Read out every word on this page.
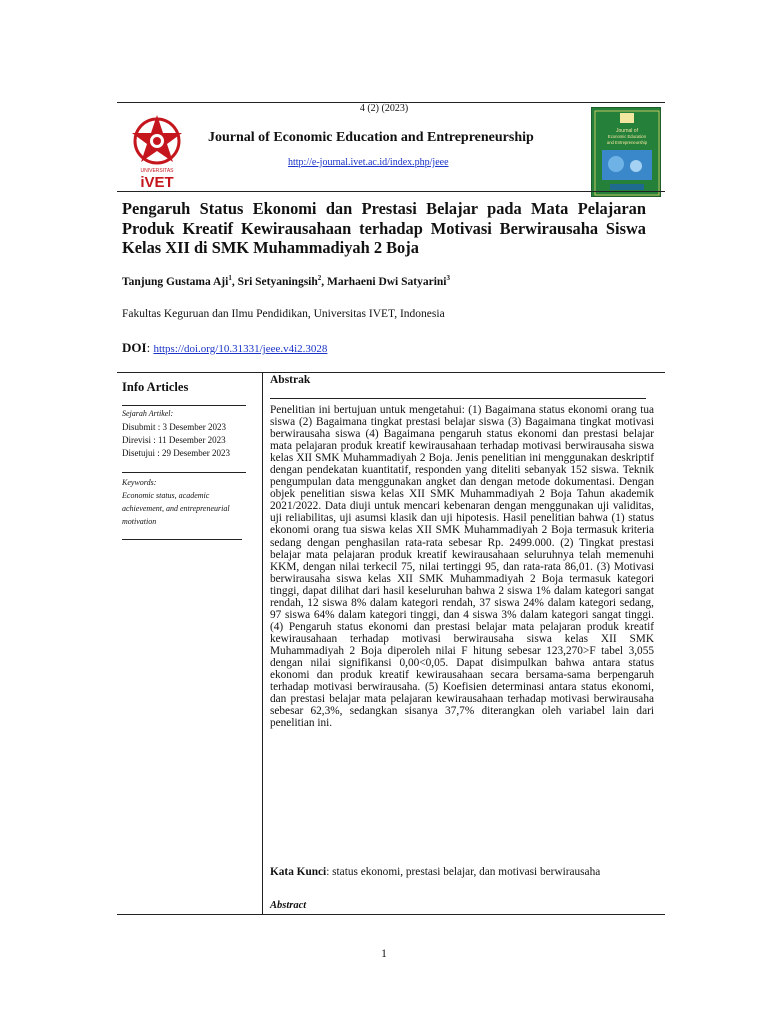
4 (2) (2023)
UNIVERSITAS
iVET
Journal of Economic Education and Entrepreneurship
http://e-journal.ivet.ac.id/index.php/jeee
Journal of
Economic Education
and Entrepreneurship
Pengaruh Status Ekonomi dan Prestasi Belajar pada Mata Pelajaran Produk Kreatif Kewirausahaan terhadap Motivasi Berwirausaha Siswa Kelas XII di SMK Muhammadiyah 2 Boja
Tanjung Gustama Aji$^1$, Sri Setyaningsih$^2$, Marhaeni Dwi Satyarini$^3$
Fakultas Keguruan dan Ilmu Pendidikan, Universitas IVET, Indonesia
DOI: https://doi.org/10.31331/jeee.v4i2.3028
Info Articles
Sejarah Artikel:
Disubmit : 3 Desember 2023
Direvisi : 11 Desember 2023
Disetujui : 29 Desember 2023
Keywords:
Economic status, academic
achievement, and entrepreneurial
motivation
Abstrak
Penelitian ini bertujuan untuk mengetahui: (1) Bagaimana status ekonomi orang tua siswa (2) Bagaimana tingkat prestasi belajar siswa (3) Bagaimana tingkat motivasi berwirausaha siswa (4) Bagaimana pengaruh status ekonomi dan prestasi belajar mata pelajaran produk kreatif kewirausahaan terhadap motivasi berwirausaha siswa kelas XII SMK Muhammadiyah 2 Boja. Jenis penelitian ini menggunakan deskriptif dengan pendekatan kuantitatif, responden yang diteliti sebanyak 152 siswa. Teknik pengumpulan data menggunakan angket dan dengan metode dokumentasi. Dengan objek penelitian siswa kelas XII SMK Muhammadiyah 2 Boja Tahun akademik 2021/2022. Data diuji untuk mencari kebenaran dengan menggunakan uji validitas, uji reliabilitas, uji asumsi klasik dan uji hipotesis. Hasil penelitian bahwa (1) status ekonomi orang tua siswa kelas XII SMK Muhammadiyah 2 Boja termasuk kriteria sedang dengan penghasilan rata-rata sebesar Rp. 2499.000. (2) Tingkat prestasi belajar mata pelajaran produk kreatif kewirausahaan seluruhnya telah memenuhi KKM, dengan nilai terkecil 75, nilai tertinggi 95, dan rata-rata 86,01. (3) Motivasi berwirausaha siswa kelas XII SMK Muhammadiyah 2 Boja termasuk kategori tinggi, dapat dilihat dari hasil keseluruhan bahwa 2 siswa 1% dalam kategori sangat rendah, 12 siswa 8% dalam kategori rendah, 37 siswa 24% dalam kategori sedang, 97 siswa 64% dalam kategori tinggi, dan 4 siswa 3% dalam kategori sangat tinggi. (4) Pengaruh status ekonomi dan prestasi belajar mata pelajaran produk kreatif kewirausahaan terhadap motivasi berwirausaha siswa kelas XII SMK Muhammadiyah 2 Boja diperoleh nilai F hitung sebesar 123,270>F tabel 3,055 dengan nilai signifikansi 0,00<0,05. Dapat disimpulkan bahwa antara status ekonomi dan produk kreatif kewirausahaan secara bersama-sama berpengaruh terhadap motivasi berwirausaha. (5) Koefisien determinasi antara status ekonomi, dan prestasi belajar mata pelajaran kewirausahaan terhadap motivasi berwirausaha sebesar 62,3%, sedangkan sisanya 37,7% diterangkan oleh variabel lain dari penelitian ini.
Kata Kunci: status ekonomi, prestasi belajar, dan motivasi berwirausaha
Abstract
1
